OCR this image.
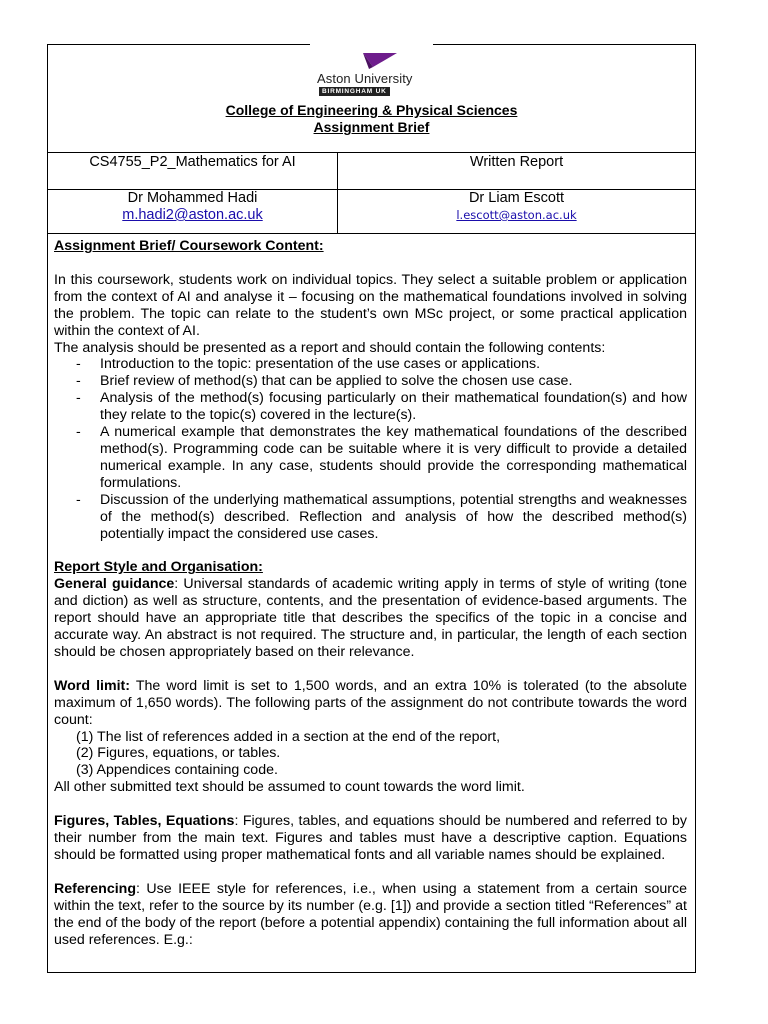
Aston University
BIRMINGHAM UK
College of Engineering & Physical Sciences
Assignment Brief
CS4755_P2_Mathematics for AI	Written Report
Dr Mohammed Hadi
m.hadi2@aston.ac.uk
Dr Liam Escott
l.escott@aston.ac.uk

Assignment Brief/ Coursework Content:

In this coursework, students work on individual topics. They select a suitable problem or application from the context of AI and analyse it – focusing on the mathematical foundations involved in solving the problem. The topic can relate to the student’s own MSc project, or some practical application within the context of AI.

The analysis should be presented as a report and should contain the following contents:

- Introduction to the topic: presentation of the use cases or applications.
- Brief review of method(s) that can be applied to solve the chosen use case.
- Analysis of the method(s) focusing particularly on their mathematical foundation(s) and how they relate to the topic(s) covered in the lecture(s).
- A numerical example that demonstrates the key mathematical foundations of the described method(s). Programming code can be suitable where it is very difficult to provide a detailed numerical example. In any case, students should provide the corresponding mathematical formulations.
- Discussion of the underlying mathematical assumptions, potential strengths and weaknesses of the method(s) described. Reflection and analysis of how the described method(s) potentially impact the considered use cases.

Report Style and Organisation:

General guidance: Universal standards of academic writing apply in terms of style of writing (tone and diction) as well as structure, contents, and the presentation of evidence-based arguments. The report should have an appropriate title that describes the specifics of the topic in a concise and accurate way. An abstract is not required. The structure and, in particular, the length of each section should be chosen appropriately based on their relevance.

Word limit: The word limit is set to 1,500 words, and an extra 10% is tolerated (to the absolute maximum of 1,650 words). The following parts of the assignment do not contribute towards the word count:

(1) The list of references added in a section at the end of the report,
(2) Figures, equations, or tables.
(3) Appendices containing code.

All other submitted text should be assumed to count towards the word limit.

Figures, Tables, Equations: Figures, tables, and equations should be numbered and referred to by their number from the main text. Figures and tables must have a descriptive caption. Equations should be formatted using proper mathematical fonts and all variable names should be explained.

Referencing: Use IEEE style for references, i.e., when using a statement from a certain source within the text, refer to the source by its number (e.g. [1]) and provide a section titled “References” at the end of the body of the report (before a potential appendix) containing the full information about all used references. E.g.:
